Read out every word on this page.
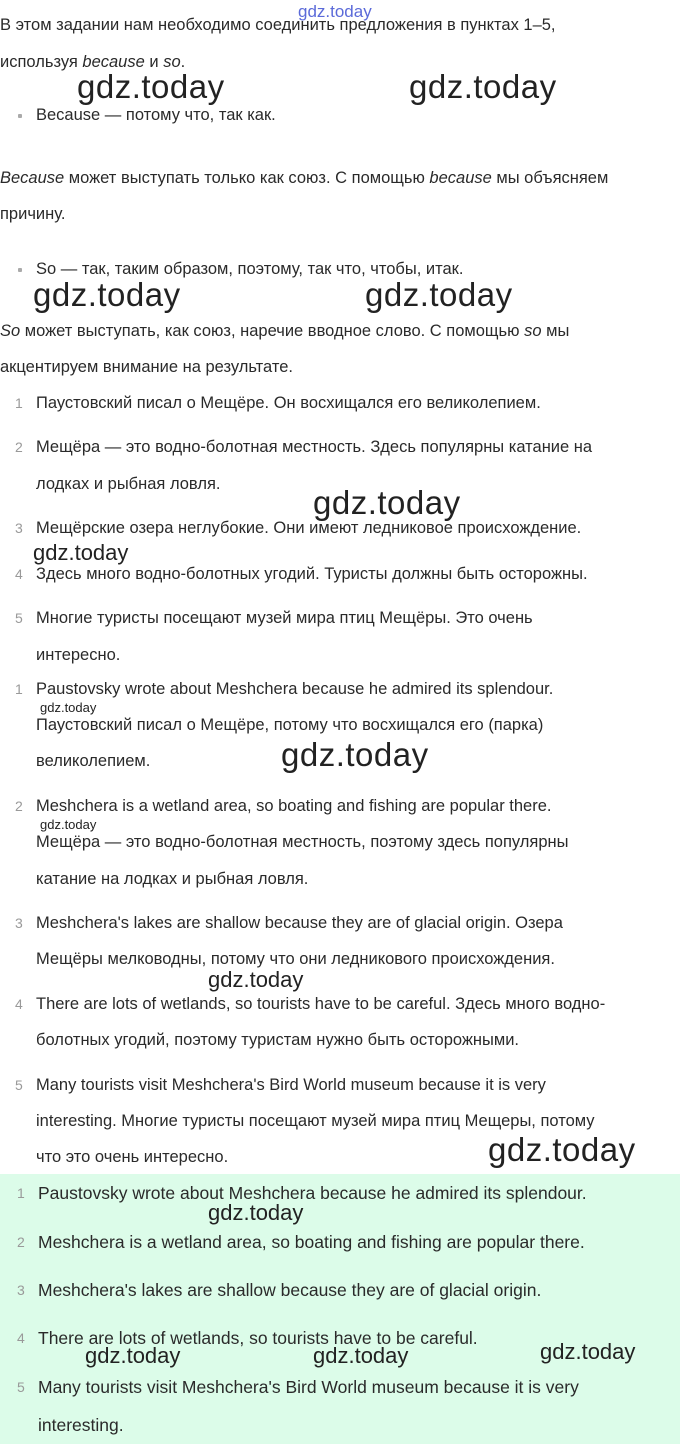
В этом задании нам необходимо соединить предложения в пунктах 1–5,
используя because и so.
Because — потому что, так как.
Because может выступать только как союз. С помощью because мы объясняем
причину.
So — так, таким образом, поэтому, так что, чтобы, итак.
So может выступать, как союз, наречие вводное слово. С помощью so мы
акцентируем внимание на результате.
1 Паустовский писал о Мещёре. Он восхищался его великолепием.
2 Мещёра — это водно-болотная местность. Здесь популярны катание на
лодках и рыбная ловля.
3 Мещёрские озера неглубокие. Они имеют ледниковое происхождение.
4 Здесь много водно-болотных угодий. Туристы должны быть осторожны.
5 Многие туристы посещают музей мира птиц Мещёры. Это очень
интересно.
1 Paustovsky wrote about Meshchera because he admired its splendour.
Паустовский писал о Мещёре, потому что восхищался его (парка)
великолепием.
2 Meshchera is a wetland area, so boating and fishing are popular there.
Мещёра — это водно-болотная местность, поэтому здесь популярны
катание на лодках и рыбная ловля.
3 Meshchera's lakes are shallow because they are of glacial origin. Озера
Мещёры мелководны, потому что они ледникового происхождения.
4 There are lots of wetlands, so tourists have to be careful. Здесь много водно-
болотных угодий, поэтому туристам нужно быть осторожными.
5 Many tourists visit Meshchera's Bird World museum because it is very
interesting. Многие туристы посещают музей мира птиц Мещеры, потому
что это очень интересно.
1 Paustovsky wrote about Meshchera because he admired its splendour.
2 Meshchera is a wetland area, so boating and fishing are popular there.
3 Meshchera's lakes are shallow because they are of glacial origin.
4 There are lots of wetlands, so tourists have to be careful.
5 Many tourists visit Meshchera's Bird World museum because it is very
interesting.
gdz.today
gdz.today	gdz.today
gdz.today	gdz.today
gdz.today
gdz.today
gdz.today
gdz.today
gdz.today
gdz.today
gdz.today
gdz.today
gdz.today	gdz.today	gdz.today
